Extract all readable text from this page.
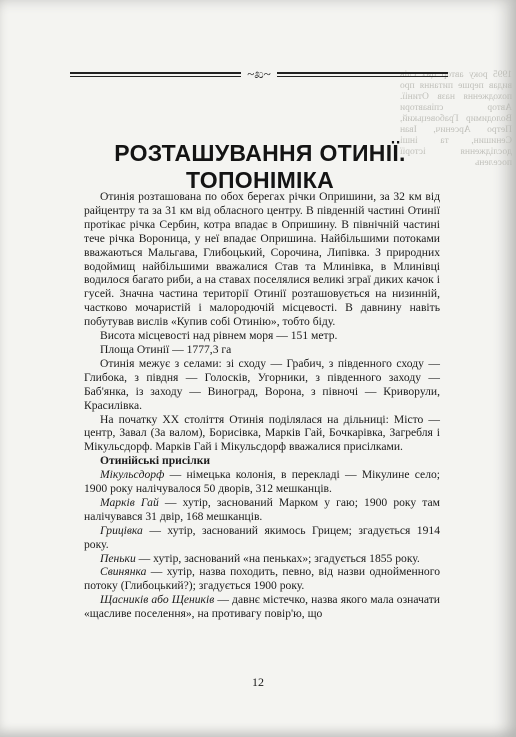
1995 року автор цих слів видав перше питання про походження назв Отинії. Автор співавтори Володимир Грабовецький, Петро Арсенич, Іван Сенишин, та інші дослідження історії поселень
~ಖ~
РОЗТАШУВАННЯ ОТИНІЇ.
ТОПОНІМІКА

Отинія розташована по обох берегах річки Опришини, за 32 км від райцентру та за 31 км від обласного центру. В південній частині Отинії протікає річка Сербин, котра впадає в Опришину. В північній частині тече річка Вороница, у неї впадає Опришина. Найбільшими потоками вважаються Мальгава, Глибоцький, Сорочина, Липівка. З природних водоймищ найбільшими вважалися Став та Млинівка, в Млинівці водилося багато риби, а на ставах поселялися великі зграї диких качок і гусей. Значна частина території Отинії розташовується на низинній, частково мочаристій і малородючій місцевості. В давнину навіть побутував вислів «Купив собі Отинію», тобто біду.

Висота місцевості над рівнем моря — 151 метр.

Площа Отинії — 1777,3 га

Отинія межує з селами: зі сходу — Грабич, з південного сходу — Глибока, з півдня — Голосків, Угорники, з південного заходу — Баб'янка, із заходу — Виноград, Ворона, з півночі — Криворули, Красилівка.

На початку XX століття Отинія поділялася на дільниці: Місто — центр, Завал (За валом), Борисівка, Марків Гай, Бочкарівка, Загребля і Мікульсдорф. Марків Гай і Мікульсдорф вважалися присілками.

Отинійські присілки

Мікульсдорф — німецька колонія, в перекладі — Мікулине село; 1900 року налічувалося 50 дворів, 312 мешканців.

Марків Гай — хутір, заснований Марком у гаю; 1900 року там налічувався 31 двір, 168 мешканців.

Грицівка — хутір, заснований якимось Грицем; згадується 1914 року.

Пеньки — хутір, заснований «на пеньках»; згадується 1855 року.

Свинянка — хутір, назва походить, певно, від назви однойменного потоку (Глибоцький?); згадується 1900 року.

Щасників або Щеників — давнє містечко, назва якого мала означати «щасливе поселення», на противагу повір'ю, що

12
